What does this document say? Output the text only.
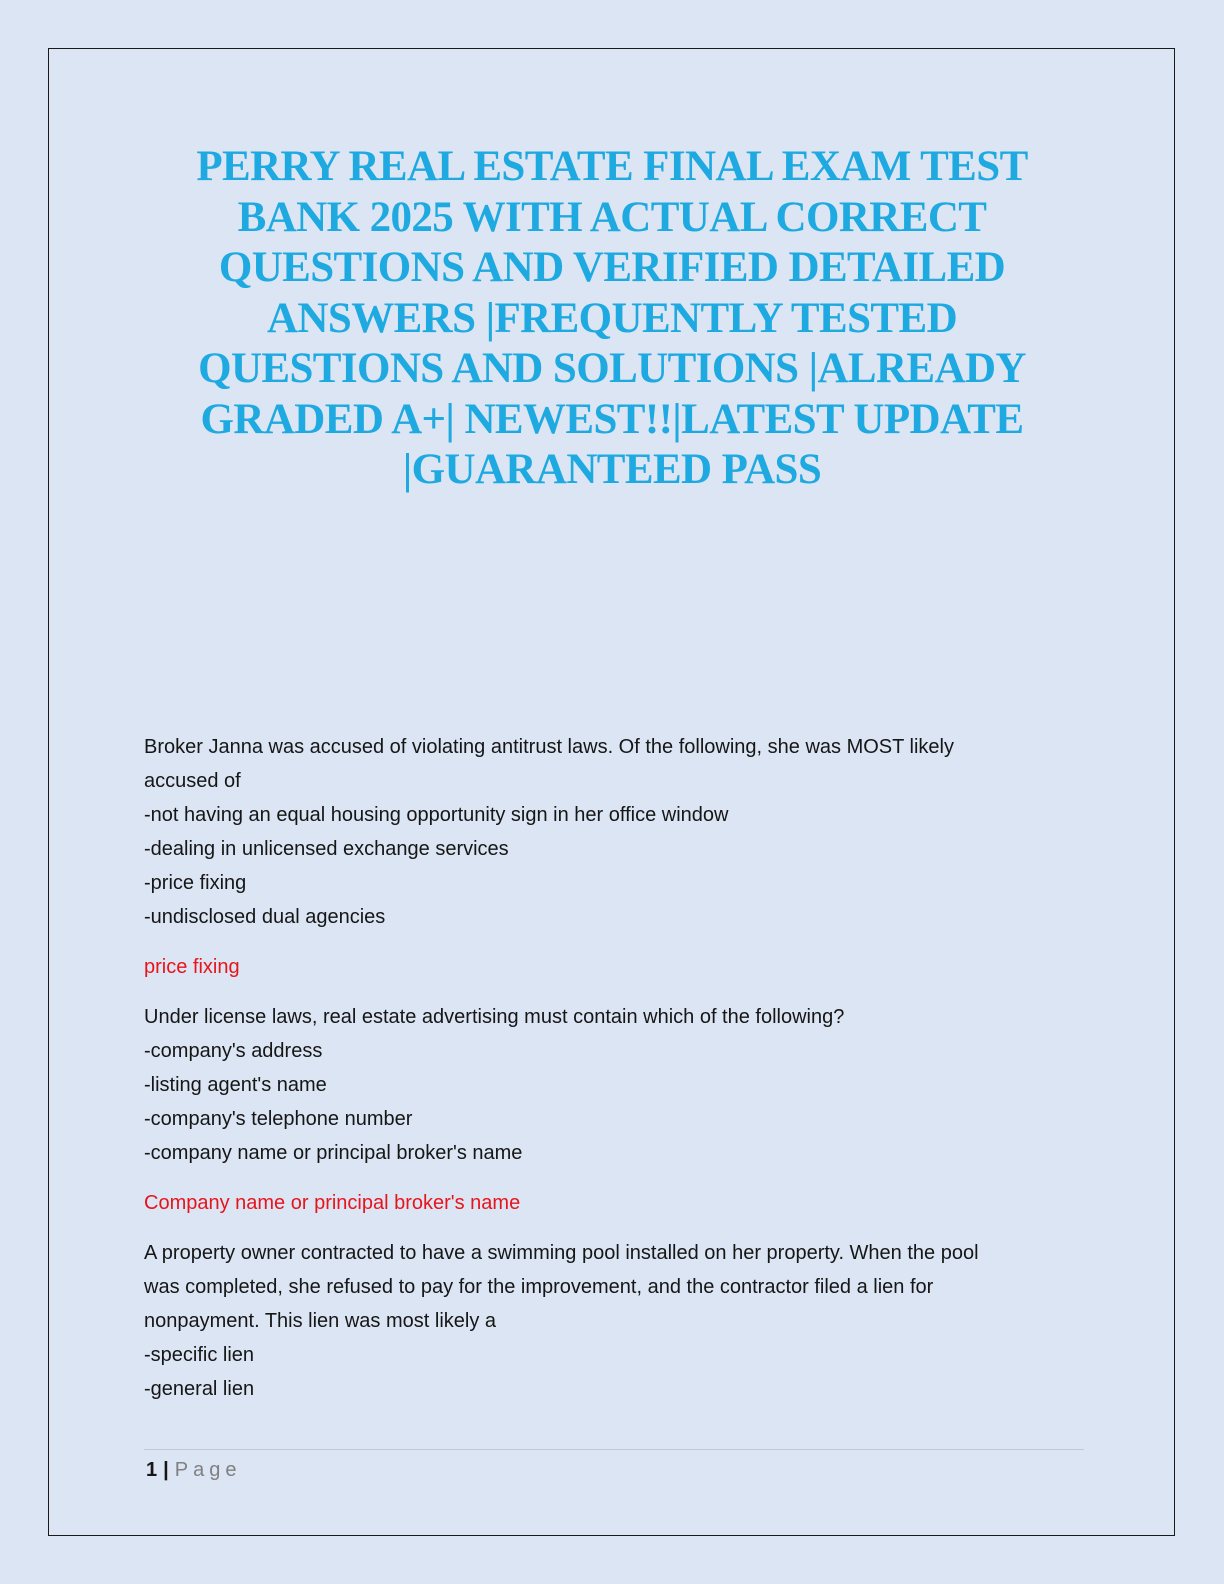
PERRY REAL ESTATE FINAL EXAM TEST BANK 2025 WITH ACTUAL CORRECT QUESTIONS AND VERIFIED DETAILED ANSWERS |FREQUENTLY TESTED QUESTIONS AND SOLUTIONS |ALREADY GRADED A+| NEWEST!!|LATEST UPDATE |GUARANTEED PASS
Broker Janna was accused of violating antitrust laws. Of the following, she was MOST likely
accused of
-not having an equal housing opportunity sign in her office window
-dealing in unlicensed exchange services
-price fixing
-undisclosed dual agencies
price fixing
Under license laws, real estate advertising must contain which of the following?
-company's address
-listing agent's name
-company's telephone number
-company name or principal broker's name
Company name or principal broker's name
A property owner contracted to have a swimming pool installed on her property. When the pool
was completed, she refused to pay for the improvement, and the contractor filed a lien for
nonpayment. This lien was most likely a
-specific lien
-general lien
1 | Page
